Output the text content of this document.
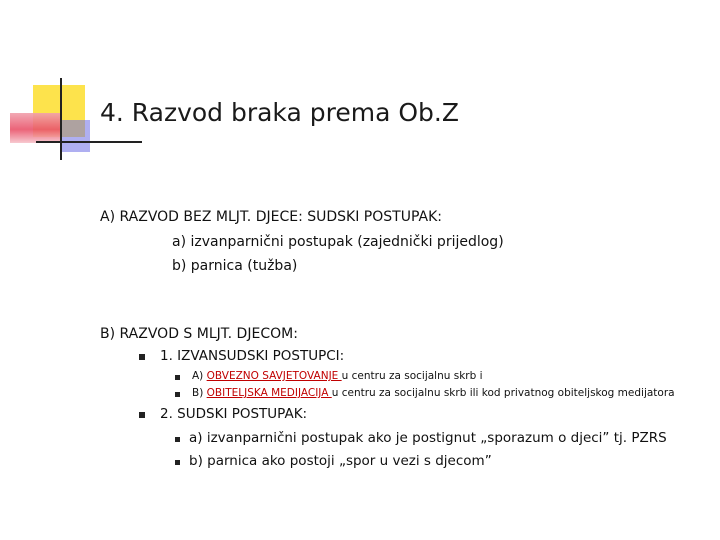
4. Razvod braka prema Ob.Z
A) RAZVOD BEZ MLJT. DJECE: SUDSKI POSTUPAK:
a) izvanparnični postupak (zajednički prijedlog)
b) parnica (tužba)
B) RAZVOD S MLJT. DJECOM:
1. IZVANSUDSKI POSTUPCI:
A) OBVEZNO SAVJETOVANJE u centru za socijalnu skrb i
B) OBITELJSKA MEDIJACIJA u centru za socijalnu skrb ili kod privatnog obiteljskog medijatora
2. SUDSKI POSTUPAK:
a) izvanparnični postupak ako je postignut „sporazum o djeci” tj. PZRS
b) parnica ako postoji „spor u vezi s djecom”
